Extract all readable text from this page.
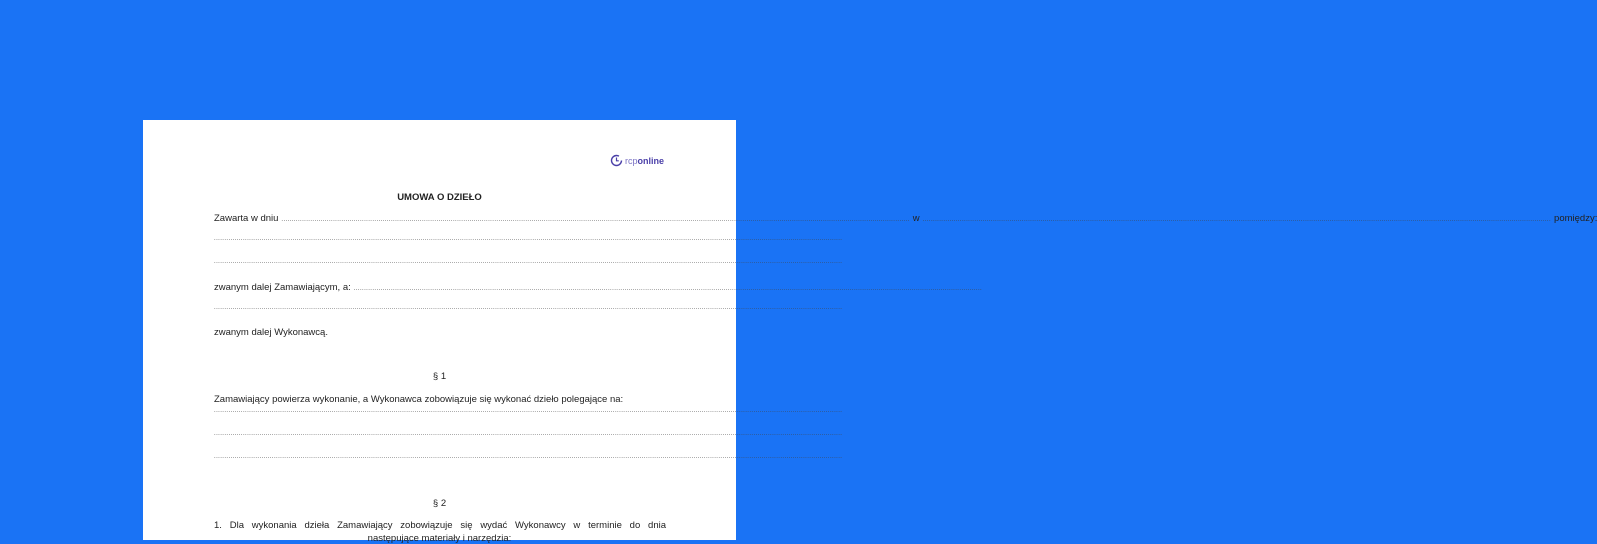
rcponline
UMOWA O DZIEŁO
Zawarta w dniu ................................................................................................................................................................................................................................................................................................................ w ................................................................................................................................................................................................................................................................................................................ pomiędzy:
................................................................................................................................................................................................................................................................................................................
................................................................................................................................................................................................................................................................................................................
zwanym dalej Zamawiającym, a: ................................................................................................................................................................................................................................................................................................................
................................................................................................................................................................................................................................................................................................................
zwanym dalej Wykonawcą.
§ 1
Zamawiający powierza wykonanie, a Wykonawca zobowiązuje się wykonać dzieło polegające na:
................................................................................................................................................................................................................................................................................................................
................................................................................................................................................................................................................................................................................................................
................................................................................................................................................................................................................................................................................................................
§ 2
1. Dla wykonania dzieła Zamawiający zobowiązuje się wydać Wykonawcy w terminie do dnia
następujące materiały i narzędzia:
